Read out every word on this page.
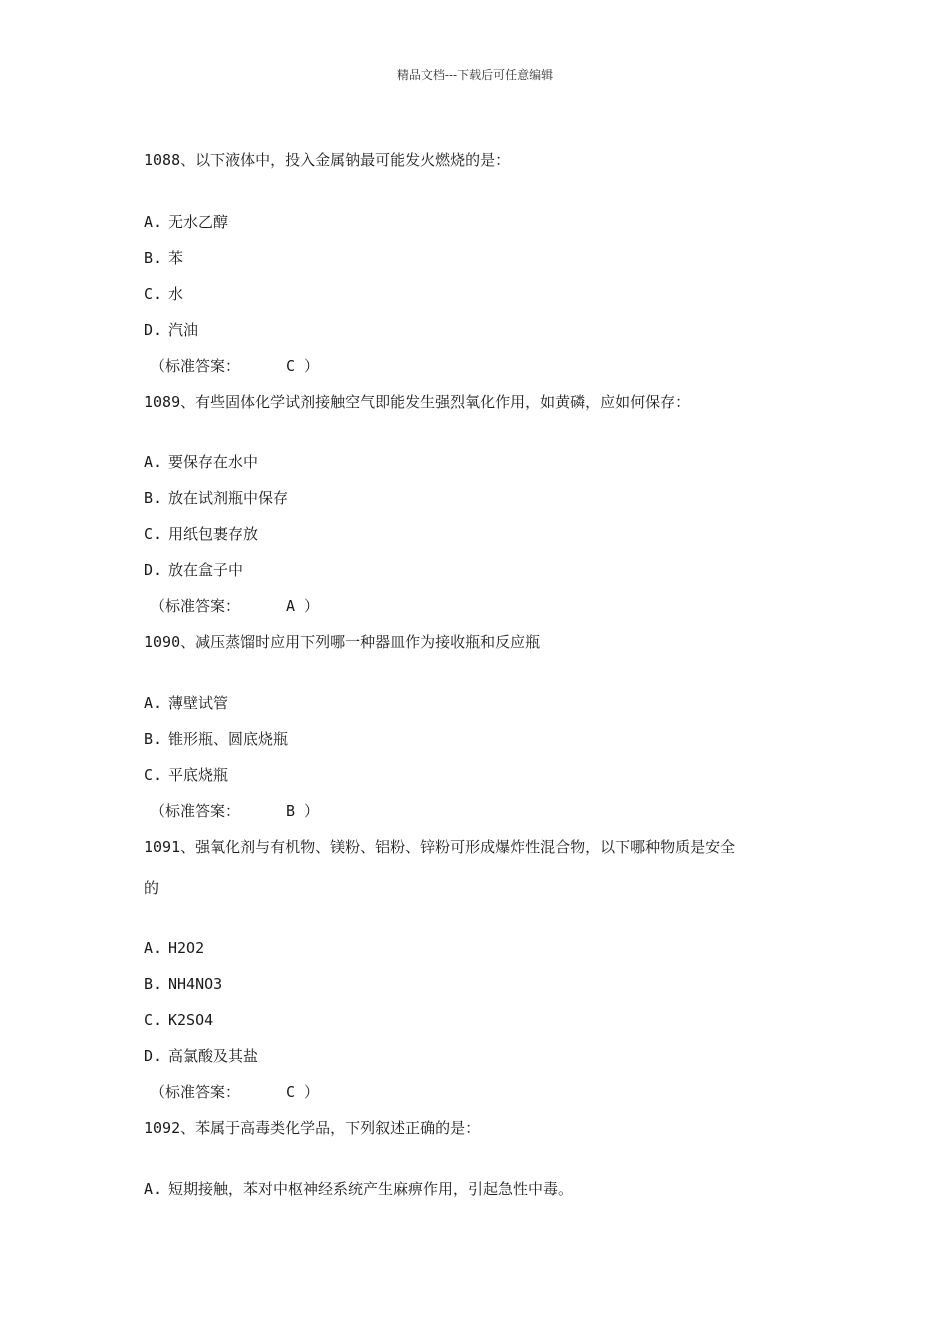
精品文档---下载后可任意编辑
1088、以下液体中，投入金属钠最可能发火燃烧的是：
A. 无水乙醇
B. 苯
C. 水
D. 汽油
（标准答案：	C ）
1089、有些固体化学试剂接触空气即能发生强烈氧化作用，如黄磷，应如何保存：
A. 要保存在水中
B. 放在试剂瓶中保存
C. 用纸包裹存放
D. 放在盒子中
（标准答案：	A ）
1090、减压蒸馏时应用下列哪一种器皿作为接收瓶和反应瓶
A. 薄壁试管
B. 锥形瓶、圆底烧瓶
C. 平底烧瓶
（标准答案：	B ）
1091、强氧化剂与有机物、镁粉、铝粉、锌粉可形成爆炸性混合物，以下哪种物质是安全
的
A. H2O2
B. NH4NO3
C. K2SO4
D. 高氯酸及其盐
（标准答案：	C ）
1092、苯属于高毒类化学品，下列叙述正确的是：
A. 短期接触，苯对中枢神经系统产生麻痹作用，引起急性中毒。
